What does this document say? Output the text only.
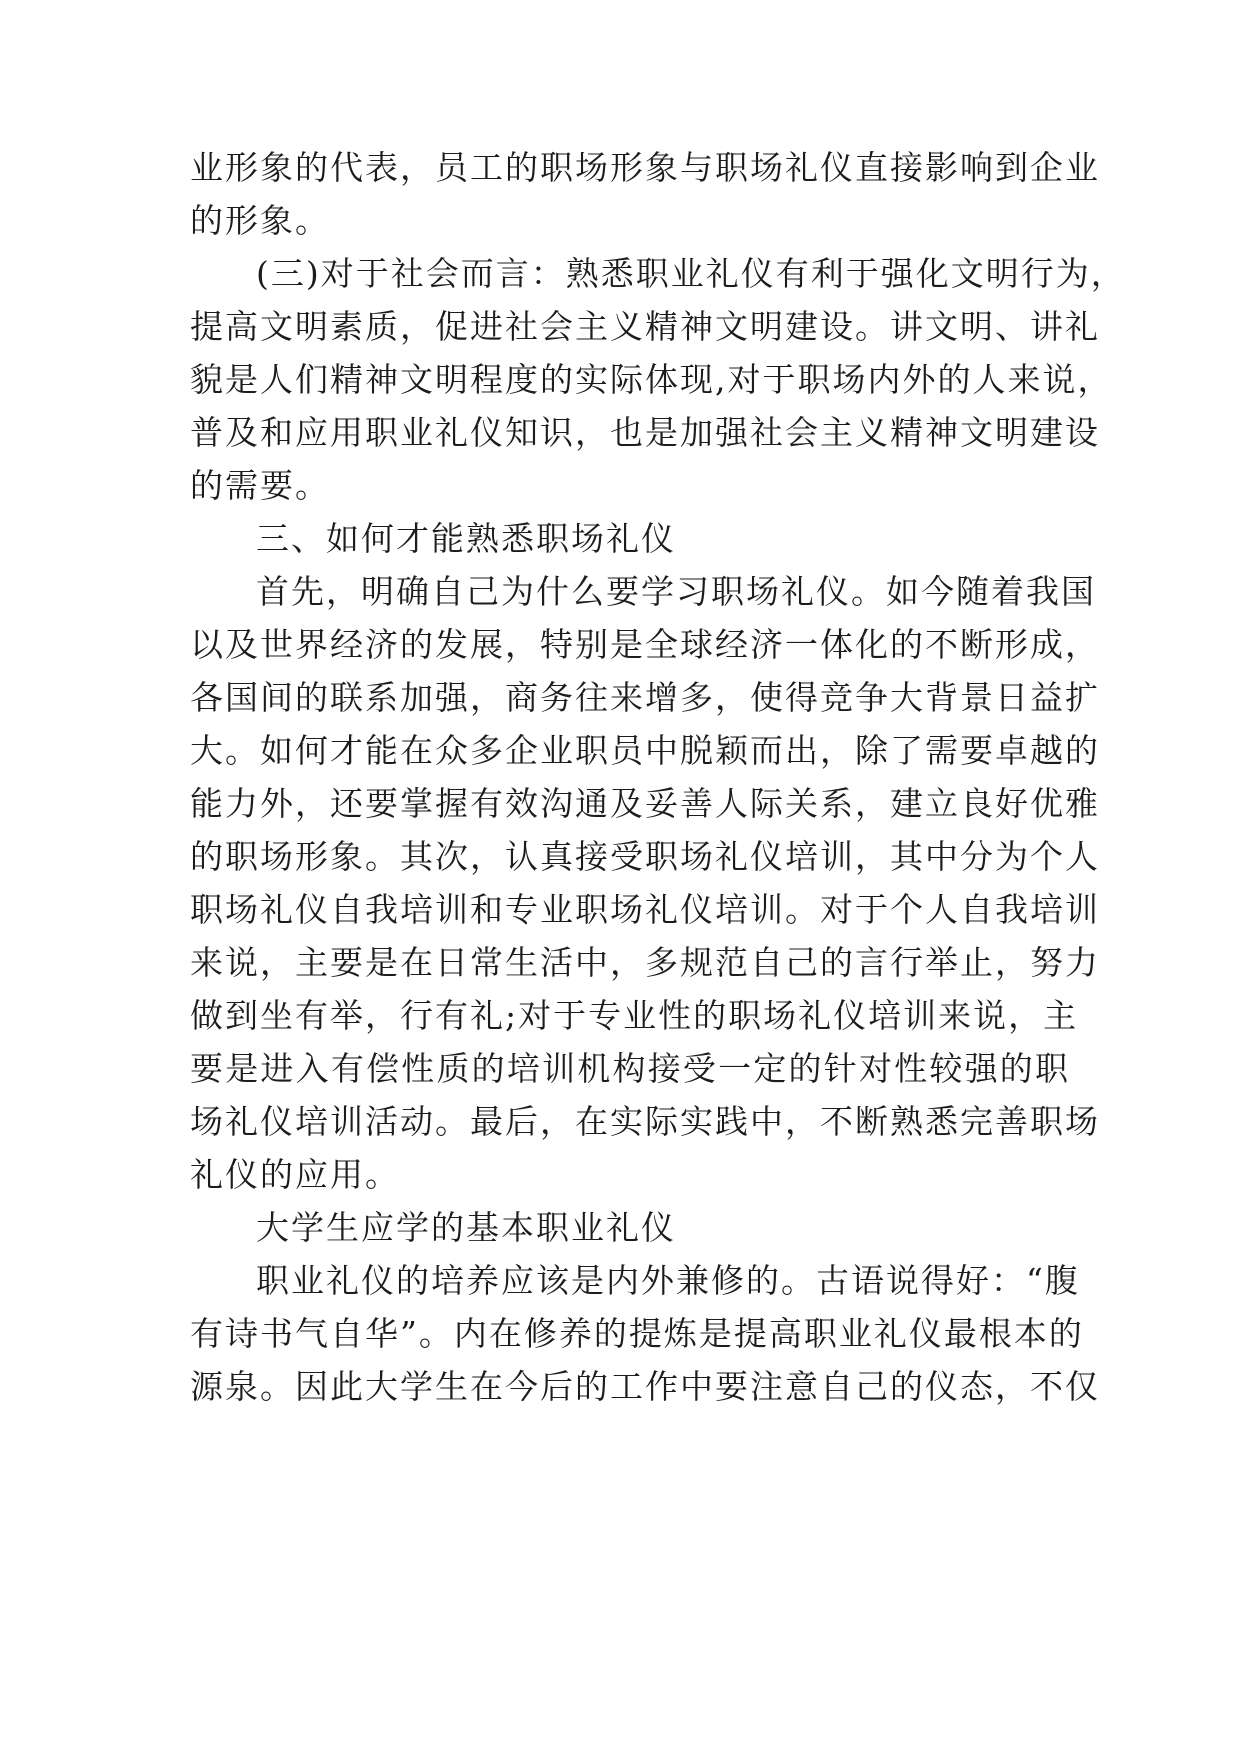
业形象的代表，员工的职场形象与职场礼仪直接影响到企业
的形象。
(三)对于社会而言：熟悉职业礼仪有利于强化文明行为，
提高文明素质，促进社会主义精神文明建设。讲文明、讲礼
貌是人们精神文明程度的实际体现,对于职场内外的人来说，
普及和应用职业礼仪知识，也是加强社会主义精神文明建设
的需要。
三、如何才能熟悉职场礼仪
首先，明确自己为什么要学习职场礼仪。如今随着我国
以及世界经济的发展，特别是全球经济一体化的不断形成，
各国间的联系加强，商务往来增多，使得竞争大背景日益扩
大。如何才能在众多企业职员中脱颖而出，除了需要卓越的
能力外，还要掌握有效沟通及妥善人际关系，建立良好优雅
的职场形象。其次，认真接受职场礼仪培训，其中分为个人
职场礼仪自我培训和专业职场礼仪培训。对于个人自我培训
来说，主要是在日常生活中，多规范自己的言行举止，努力
做到坐有举，行有礼;对于专业性的职场礼仪培训来说，主
要是进入有偿性质的培训机构接受一定的针对性较强的职
场礼仪培训活动。最后，在实际实践中，不断熟悉完善职场
礼仪的应用。
大学生应学的基本职业礼仪
职业礼仪的培养应该是内外兼修的。古语说得好：“腹
有诗书气自华”。内在修养的提炼是提高职业礼仪最根本的
源泉。因此大学生在今后的工作中要注意自己的仪态，不仅
